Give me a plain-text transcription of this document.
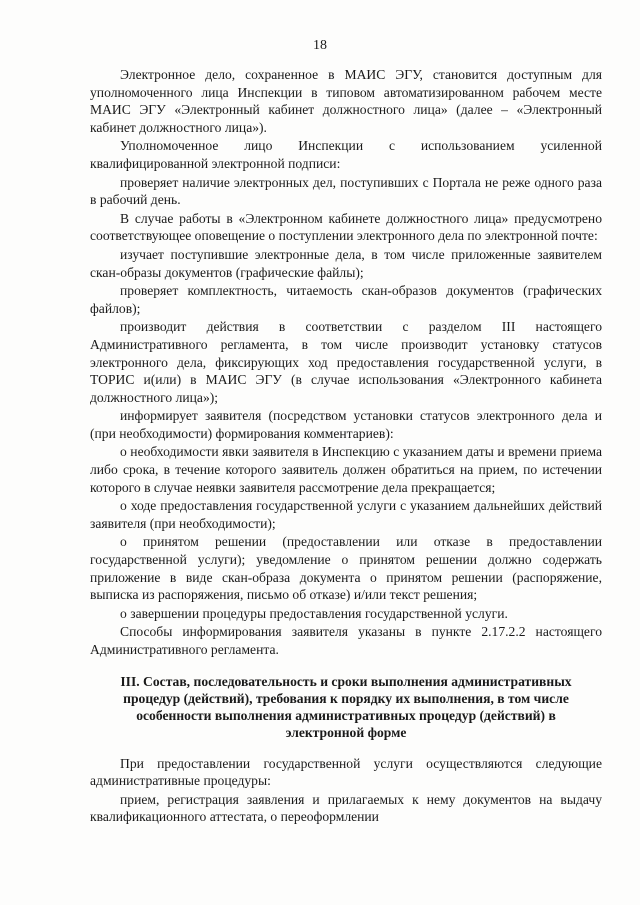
18

Электронное дело, сохраненное в МАИС ЭГУ, становится доступным для уполномоченного лица Инспекции в типовом автоматизированном рабочем месте МАИС ЭГУ «Электронный кабинет должностного лица» (далее – «Электронный кабинет должностного лица»).

Уполномоченное лицо Инспекции с использованием усиленной квалифицированной электронной подписи:

проверяет наличие электронных дел, поступивших с Портала не реже одного раза в рабочий день.

В случае работы в «Электронном кабинете должностного лица» предусмотрено соответствующее оповещение о поступлении электронного дела по электронной почте:

изучает поступившие электронные дела, в том числе приложенные заявителем скан-образы документов (графические файлы);

проверяет комплектность, читаемость скан-образов документов (графических файлов);

производит действия в соответствии с разделом III настоящего Административного регламента, в том числе производит установку статусов электронного дела, фиксирующих ход предоставления государственной услуги, в ТОРИС и(или) в МАИС ЭГУ (в случае использования «Электронного кабинета должностного лица»);

информирует заявителя (посредством установки статусов электронного дела и (при необходимости) формирования комментариев):

о необходимости явки заявителя в Инспекцию с указанием даты и времени приема либо срока, в течение которого заявитель должен обратиться на прием, по истечении которого в случае неявки заявителя рассмотрение дела прекращается;

о ходе предоставления государственной услуги с указанием дальнейших действий заявителя (при необходимости);

о принятом решении (предоставлении или отказе в предоставлении государственной услуги); уведомление о принятом решении должно содержать приложение в виде скан-образа документа о принятом решении (распоряжение, выписка из распоряжения, письмо об отказе) и/или текст решения;

о завершении процедуры предоставления государственной услуги.

Способы информирования заявителя указаны в пункте 2.17.2.2 настоящего Административного регламента.

III. Состав, последовательность и сроки выполнения административных процедур (действий), требования к порядку их выполнения, в том числе особенности выполнения административных процедур (действий) в электронной форме

При предоставлении государственной услуги осуществляются следующие административные процедуры:

прием, регистрация заявления и прилагаемых к нему документов на выдачу квалификационного аттестата, о переоформлении
